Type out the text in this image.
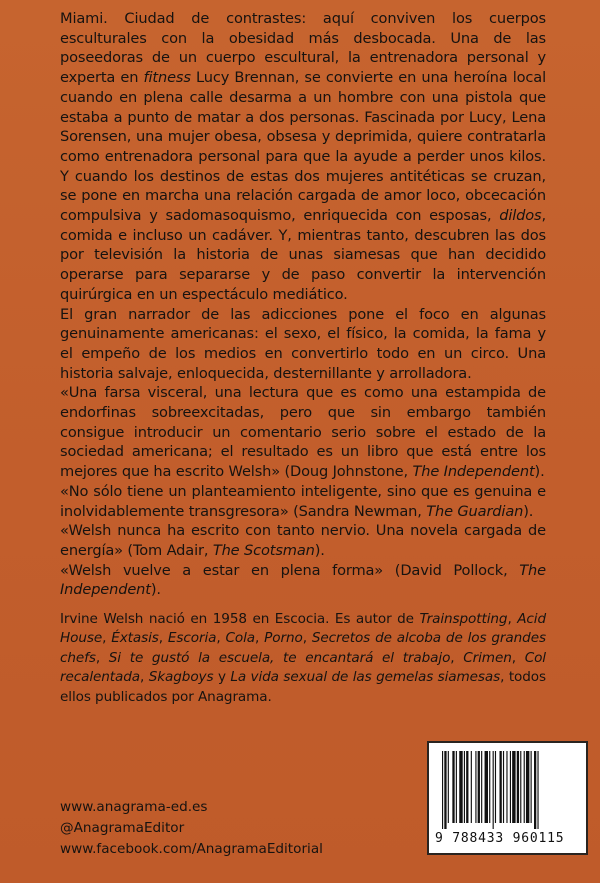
Miami. Ciudad de contrastes: aquí conviven los cuerpos esculturales con la obesidad más desbocada. Una de las poseedoras de un cuerpo escultural, la entrenadora personal y experta en fitness Lucy Brennan, se convierte en una heroína local cuando en plena calle desarma a un hombre con una pistola que estaba a punto de matar a dos personas. Fascinada por Lucy, Lena Sorensen, una mujer obesa, obsesa y deprimida, quiere contratarla como entrenadora personal para que la ayude a perder unos kilos. Y cuando los destinos de estas dos mujeres antitéticas se cruzan, se pone en marcha una relación cargada de amor loco, obcecación compulsiva y sadomasoquismo, enriquecida con esposas, dildos, comida e incluso un cadáver. Y, mientras tanto, descubren las dos por televisión la historia de unas siamesas que han decidido operarse para separarse y de paso convertir la intervención quirúrgica en un espectáculo mediático.

El gran narrador de las adicciones pone el foco en algunas genuinamente americanas: el sexo, el físico, la comida, la fama y el empeño de los medios en convertirlo todo en un circo. Una historia salvaje, enloquecida, desternillante y arrolladora.

«Una farsa visceral, una lectura que es como una estampida de endorfinas sobreexcitadas, pero que sin embargo también consigue introducir un comentario serio sobre el estado de la sociedad americana; el resultado es un libro que está entre los mejores que ha escrito Welsh» (Doug Johnstone, The Independent).

«No sólo tiene un planteamiento inteligente, sino que es genuina e inolvidablemente transgresora» (Sandra Newman, The Guardian).

«Welsh nunca ha escrito con tanto nervio. Una novela cargada de energía» (Tom Adair, The Scotsman).

«Welsh vuelve a estar en plena forma» (David Pollock, The Independent).

Irvine Welsh nació en 1958 en Escocia. Es autor de Trainspotting, Acid House, Éxtasis, Escoria, Cola, Porno, Secretos de alcoba de los grandes chefs, Si te gustó la escuela, te encantará el trabajo, Crimen, Col recalentada, Skagboys y La vida sexual de las gemelas siamesas, todos ellos publicados por Anagrama.

www.anagrama-ed.es
@AnagramaEditor
www.facebook.com/AnagramaEditorial
9 788433 960115
